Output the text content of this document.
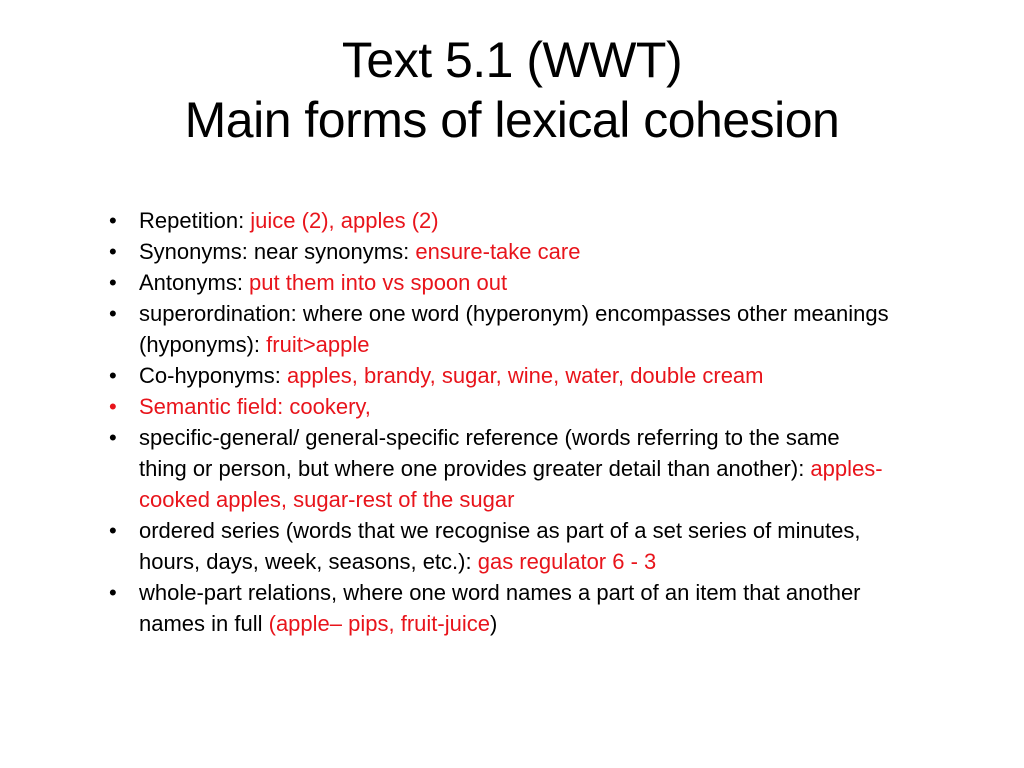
Text 5.1 (WWT)
Main forms of lexical cohesion
• Repetition: juice (2), apples (2)
• Synonyms: near synonyms: ensure-take care
• Antonyms: put them into vs spoon out
• superordination: where one word (hyperonym) encompasses other meanings (hyponyms): fruit>apple
• Co-hyponyms: apples, brandy, sugar, wine, water, double cream
• Semantic field: cookery,
• specific-general/ general-specific reference (words referring to the same thing or person, but where one provides greater detail than another): apples-cooked apples, sugar-rest of the sugar
• ordered series (words that we recognise as part of a set series of minutes, hours, days, week, seasons, etc.): gas regulator 6 - 3
• whole-part relations, where one word names a part of an item that another names in full (apple– pips, fruit-juice)
